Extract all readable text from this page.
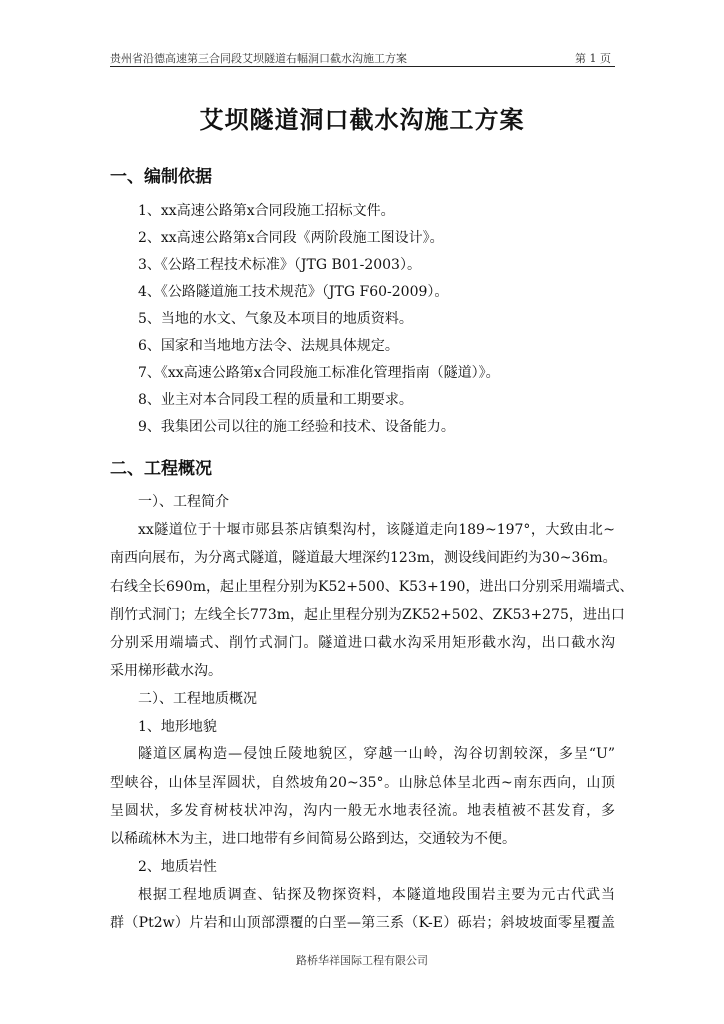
贵州省沿德高速第三合同段艾坝隧道右幅洞口截水沟施工方案	第 1 页
艾坝隧道洞口截水沟施工方案
一、编制依据
1、xx高速公路第x合同段施工招标文件。
2、xx高速公路第x合同段《两阶段施工图设计》。
3、《公路工程技术标准》（JTG B01-2003）。
4、《公路隧道施工技术规范》（JTG F60-2009）。
5、当地的水文、气象及本项目的地质资料。
6、国家和当地地方法令、法规具体规定。
7、《xx高速公路第x合同段施工标准化管理指南（隧道）》。
8、业主对本合同段工程的质量和工期要求。
9、我集团公司以往的施工经验和技术、设备能力。
二、工程概况
一）、工程简介
xx隧道位于十堰市郧县茶店镇梨沟村，该隧道走向189~197°，大致由北~
南西向展布，为分离式隧道，隧道最大埋深约123m，测设线间距约为30~36m。
右线全长690m，起止里程分别为K52+500、K53+190，进出口分别采用端墙式、
削竹式洞门；左线全长773m，起止里程分别为ZK52+502、ZK53+275，进出口
分别采用端墙式、削竹式洞门。隧道进口截水沟采用矩形截水沟，出口截水沟
采用梯形截水沟。
二）、工程地质概况
1、地形地貌
隧道区属构造—侵蚀丘陵地貌区，穿越一山岭，沟谷切割较深，多呈“U”
型峡谷，山体呈浑圆状，自然坡角20~35°。山脉总体呈北西~南东西向，山顶
呈圆状，多发育树枝状冲沟，沟内一般无水地表径流。地表植被不甚发育，多
以稀疏林木为主，进口地带有乡间简易公路到达，交通较为不便。
2、地质岩性
根据工程地质调查、钻探及物探资料，本隧道地段围岩主要为元古代武当
群（Pt2w）片岩和山顶部漂覆的白垩—第三系（K-E）砾岩；斜坡坡面零星覆盖
路桥华祥国际工程有限公司
